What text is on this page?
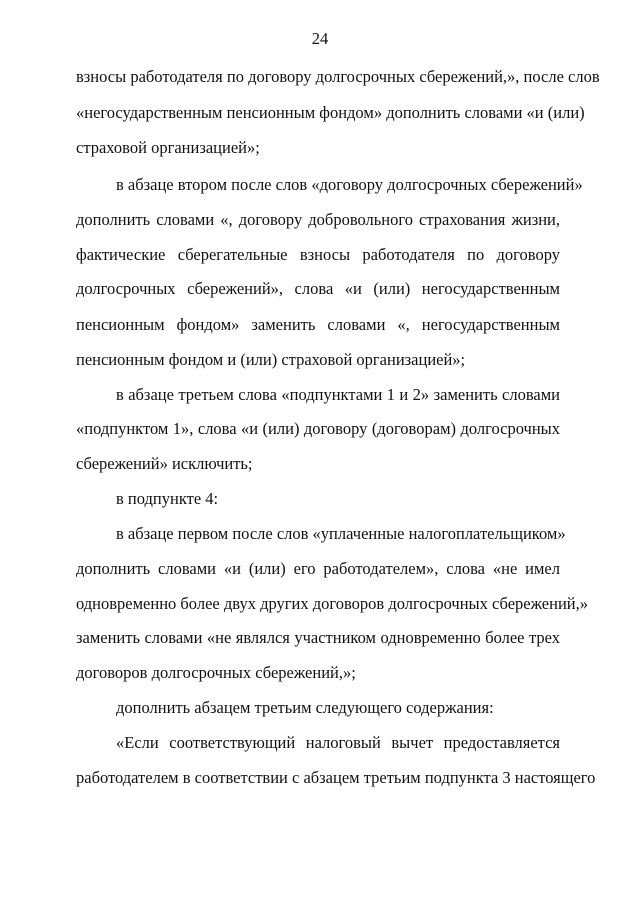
24
взносы работодателя по договору долгосрочных сбережений,», после слов
«негосударственным пенсионным фондом» дополнить словами «и (или)
страховой организацией»;
в абзаце втором после слов «договору долгосрочных сбережений»
дополнить словами «, договору добровольного страхования жизни,
фактические сберегательные взносы работодателя по договору
долгосрочных сбережений», слова «и (или) негосударственным
пенсионным фондом» заменить словами «, негосударственным
пенсионным фондом и (или) страховой организацией»;
в абзаце третьем слова «подпунктами 1 и 2» заменить словами
«подпунктом 1», слова «и (или) договору (договорам) долгосрочных
сбережений» исключить;
в подпункте 4:
в абзаце первом после слов «уплаченные налогоплательщиком»
дополнить словами «и (или) его работодателем», слова «не имел
одновременно более двух других договоров долгосрочных сбережений,»
заменить словами «не являлся участником одновременно более трех
договоров долгосрочных сбережений,»;
дополнить абзацем третьим следующего содержания:
«Если соответствующий налоговый вычет предоставляется
работодателем в соответствии с абзацем третьим подпункта 3 настоящего
